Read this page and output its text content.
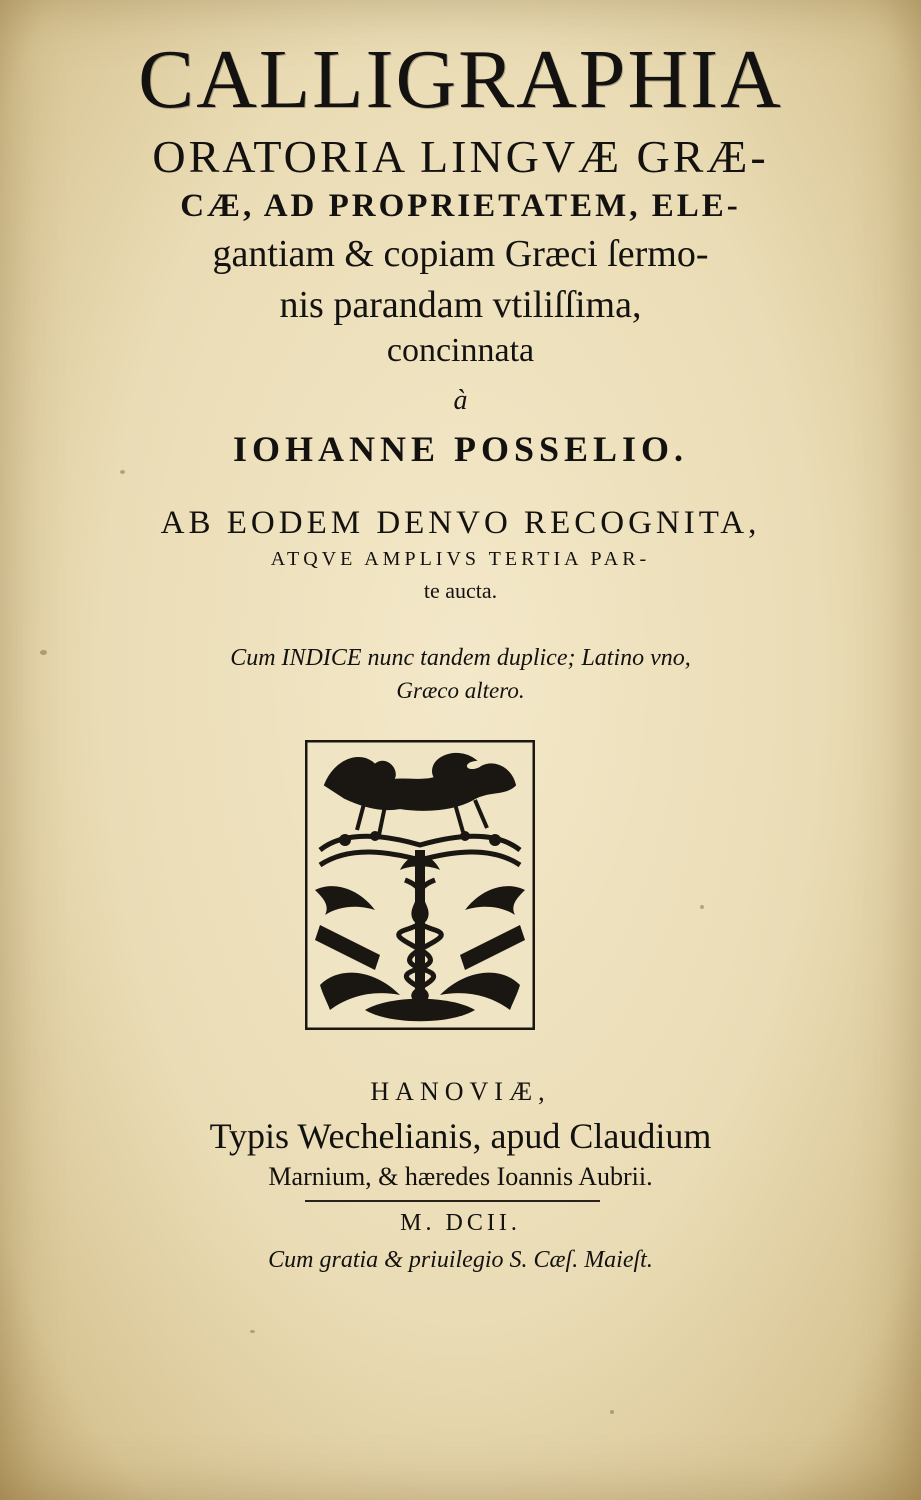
CALLIGRAPHIA
ORATORIA LINGVÆ GRÆ-
CÆ, AD PROPRIETATEM, ELE-
gantiam & copiam Græci ſermo-
nis parandam vtiliſſima,
concinnata
à
IOHANNE POSSELIO.
AB EODEM DENVO RECOGNITA,
ATQVE AMPLIVS TERTIA PAR-
te aucta.
Cum INDICE nunc tandem duplice; Latino vno,
Græco altero.
HANOVIÆ,
Typis Wechelianis, apud Claudium
Marnium, & hæredes Ioannis Aubrii.
M. DCII.
Cum gratia & priuilegio S. Cæſ. Maieſt.
